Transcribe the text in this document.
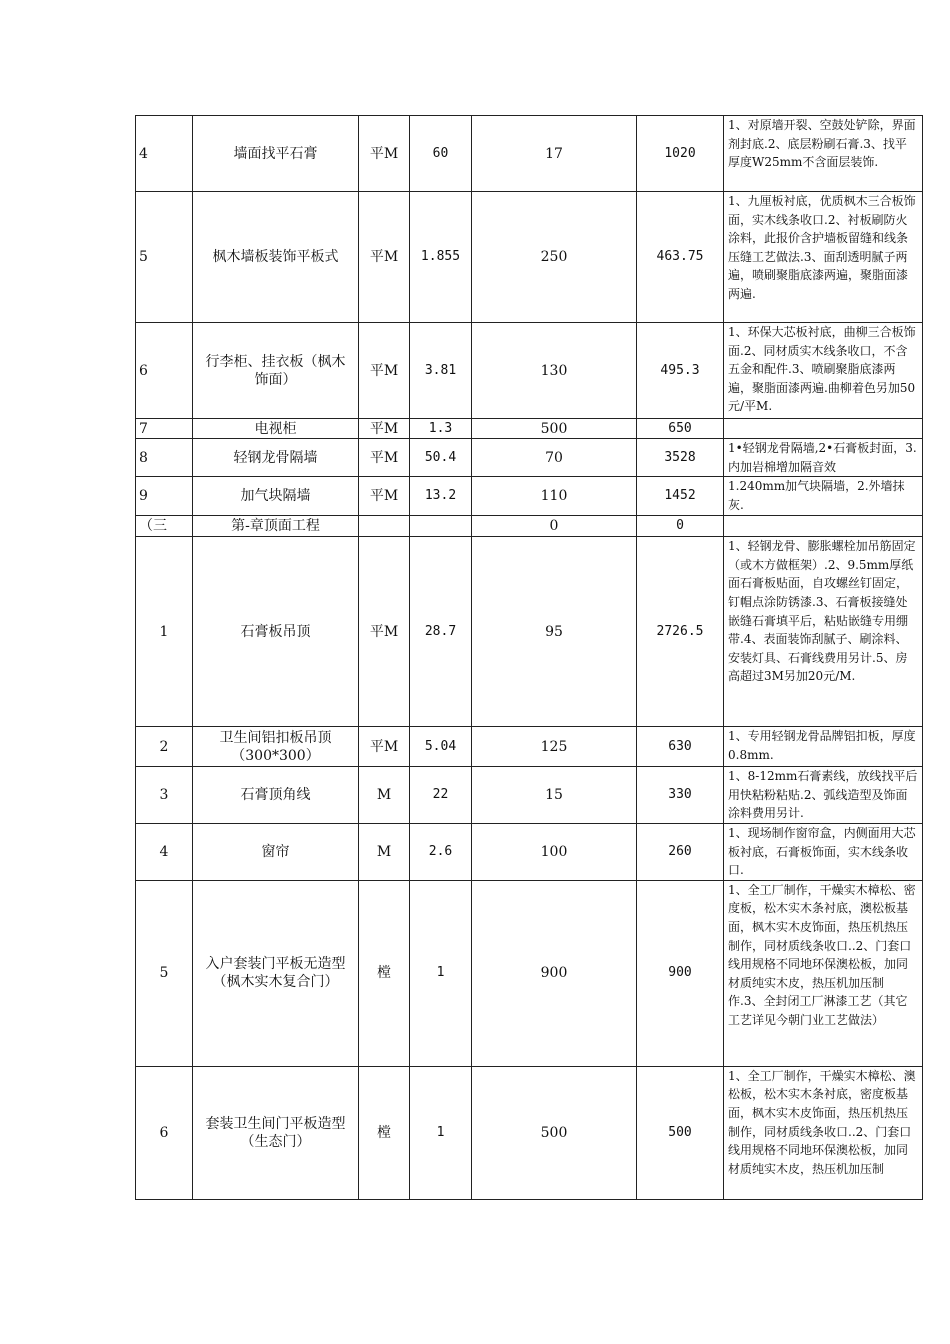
4	墙面找平石膏	平M	60	17	1020	1、对原墙开裂、空鼓处铲除，界面剂封底.2、底层粉刷石膏.3、找平厚度W25mm不含面层装饰.
5	枫木墙板装饰平板式	平M	1.855	250	463.75	1、九厘板衬底，优质枫木三合板饰面，实木线条收口.2、衬板刷防火涂料，此报价含护墙板留缝和线条压缝工艺做法.3、面刮透明腻子两遍，喷刷聚脂底漆两遍，聚脂面漆两遍.
6	行李柜、挂衣板（枫木饰面）	平M	3.81	130	495.3	1、环保大芯板衬底，曲柳三合板饰面.2、同材质实木线条收口，不含五金和配件.3、喷刷聚脂底漆两遍，聚脂面漆两遍.曲柳着色另加50元/平M.
7	电视柜	平M	1.3	500	650	
8	轻钢龙骨隔墙	平M	50.4	70	3528	1•轻钢龙骨隔墙,2•石膏板封面，3.内加岩棉增加隔音效
9	加气块隔墙	平M	13.2	110	1452	1.240mm加气块隔墙，2.外墙抹灰.
（三	第-章顶面工程			0	0	
1	石膏板吊顶	平M	28.7	95	2726.5	1、轻钢龙骨、膨胀螺栓加吊筋固定（或木方做框架）.2、9.5mm厚纸面石膏板贴面，自攻螺丝钉固定，钉帽点涂防锈漆.3、石膏板接缝处嵌缝石膏填平后，粘贴嵌缝专用绷带.4、表面装饰刮腻子、刷涂料、安装灯具、石膏线费用另计.5、房高超过3M另加20元/M.
2	卫生间铝扣板吊顶（300*300）	平M	5.04	125	630	1、专用轻钢龙骨品牌铝扣板，厚度0.8mm.
3	石膏顶角线	M	22	15	330	1、8-12mm石膏素线，放线找平后用快粘粉粘贴.2、弧线造型及饰面涂料费用另计.
4	窗帘	M	2.6	100	260	1、现场制作窗帘盒，内侧面用大芯板衬底，石膏板饰面，实木线条收口.
5	入户套装门平板无造型（枫木实木复合门）	樘	1	900	900	1、全工厂制作，干燥实木樟松、密度板，松木实木条衬底，澳松板基面，枫木实木皮饰面，热压机热压制作，同材质线条收口..2、门套口线用规格不同地环保澳松板，加同材质纯实木皮，热压机加压制作.3、全封闭工厂淋漆工艺（其它工艺详见今朝门业工艺做法）
6	套装卫生间门平板造型（生态门）	樘	1	500	500	1、全工厂制作，干燥实木樟松、澳松板，松木实木条衬底，密度板基面，枫木实木皮饰面，热压机热压制作，同材质线条收口..2、门套口线用规格不同地环保澳松板，加同材质纯实木皮，热压机加压制
